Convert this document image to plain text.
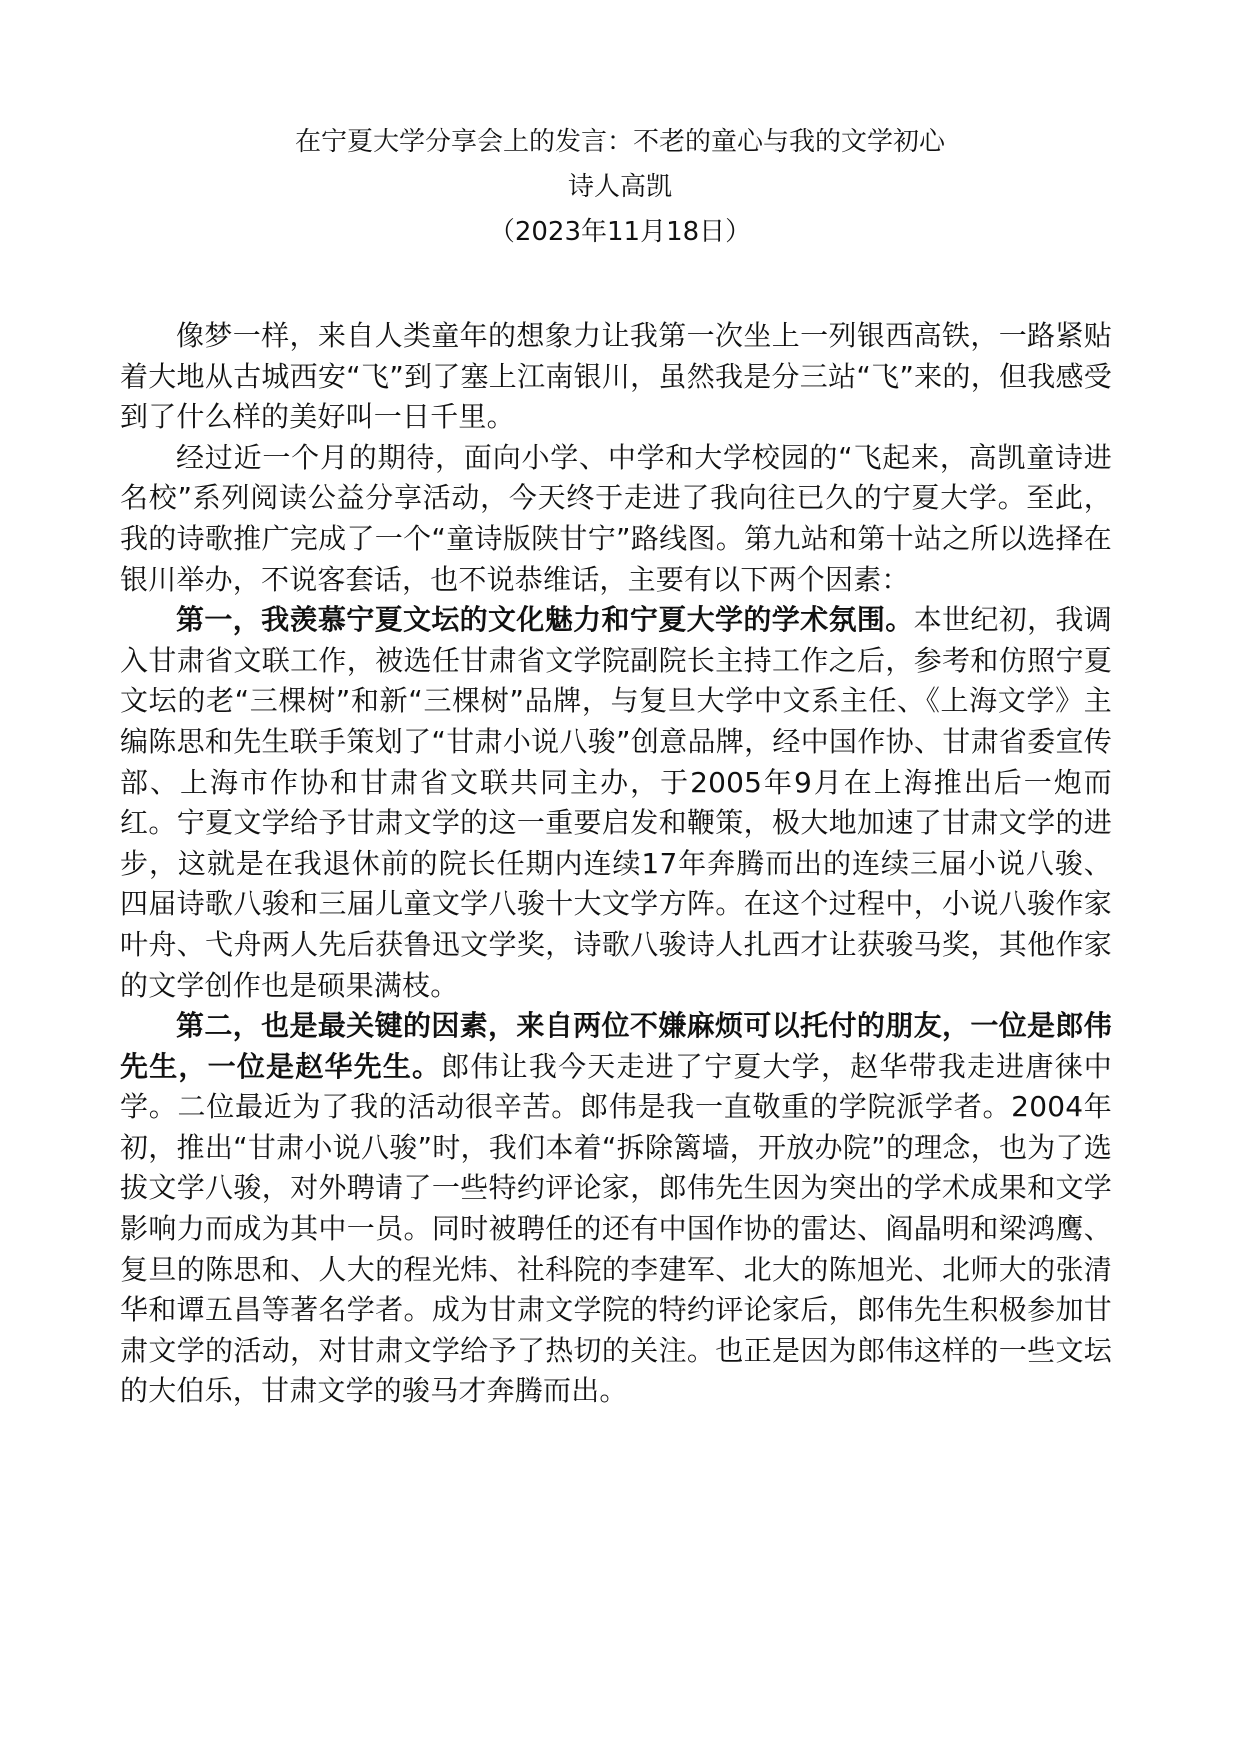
在宁夏大学分享会上的发言：不老的童心与我的文学初心
诗人高凯
（2023年11月18日）

像梦一样，来自人类童年的想象力让我第一次坐上一列银西高铁，一路紧贴着大地从古城西安“飞”到了塞上江南银川，虽然我是分三站“飞”来的，但我感受到了什么样的美好叫一日千里。

经过近一个月的期待，面向小学、中学和大学校园的“飞起来，高凯童诗进名校”系列阅读公益分享活动，今天终于走进了我向往已久的宁夏大学。至此，我的诗歌推广完成了一个“童诗版陕甘宁”路线图。第九站和第十站之所以选择在银川举办，不说客套话，也不说恭维话，主要有以下两个因素：

第一，我羡慕宁夏文坛的文化魅力和宁夏大学的学术氛围。本世纪初，我调入甘肃省文联工作，被选任甘肃省文学院副院长主持工作之后，参考和仿照宁夏文坛的老“三棵树”和新“三棵树”品牌，与复旦大学中文系主任、《上海文学》主编陈思和先生联手策划了“甘肃小说八骏”创意品牌，经中国作协、甘肃省委宣传部、上海市作协和甘肃省文联共同主办，于2005年9月在上海推出后一炮而红。宁夏文学给予甘肃文学的这一重要启发和鞭策，极大地加速了甘肃文学的进步，这就是在我退休前的院长任期内连续17年奔腾而出的连续三届小说八骏、四届诗歌八骏和三届儿童文学八骏十大文学方阵。在这个过程中，小说八骏作家叶舟、弋舟两人先后获鲁迅文学奖，诗歌八骏诗人扎西才让获骏马奖，其他作家的文学创作也是硕果满枝。

第二，也是最关键的因素，来自两位不嫌麻烦可以托付的朋友，一位是郎伟先生，一位是赵华先生。郎伟让我今天走进了宁夏大学，赵华带我走进唐徕中学。二位最近为了我的活动很辛苦。郎伟是我一直敬重的学院派学者。2004年初，推出“甘肃小说八骏”时，我们本着“拆除篱墙，开放办院”的理念，也为了选拔文学八骏，对外聘请了一些特约评论家，郎伟先生因为突出的学术成果和文学影响力而成为其中一员。同时被聘任的还有中国作协的雷达、阎晶明和梁鸿鹰、复旦的陈思和、人大的程光炜、社科院的李建军、北大的陈旭光、北师大的张清华和谭五昌等著名学者。成为甘肃文学院的特约评论家后，郎伟先生积极参加甘肃文学的活动，对甘肃文学给予了热切的关注。也正是因为郎伟这样的一些文坛的大伯乐，甘肃文学的骏马才奔腾而出。
